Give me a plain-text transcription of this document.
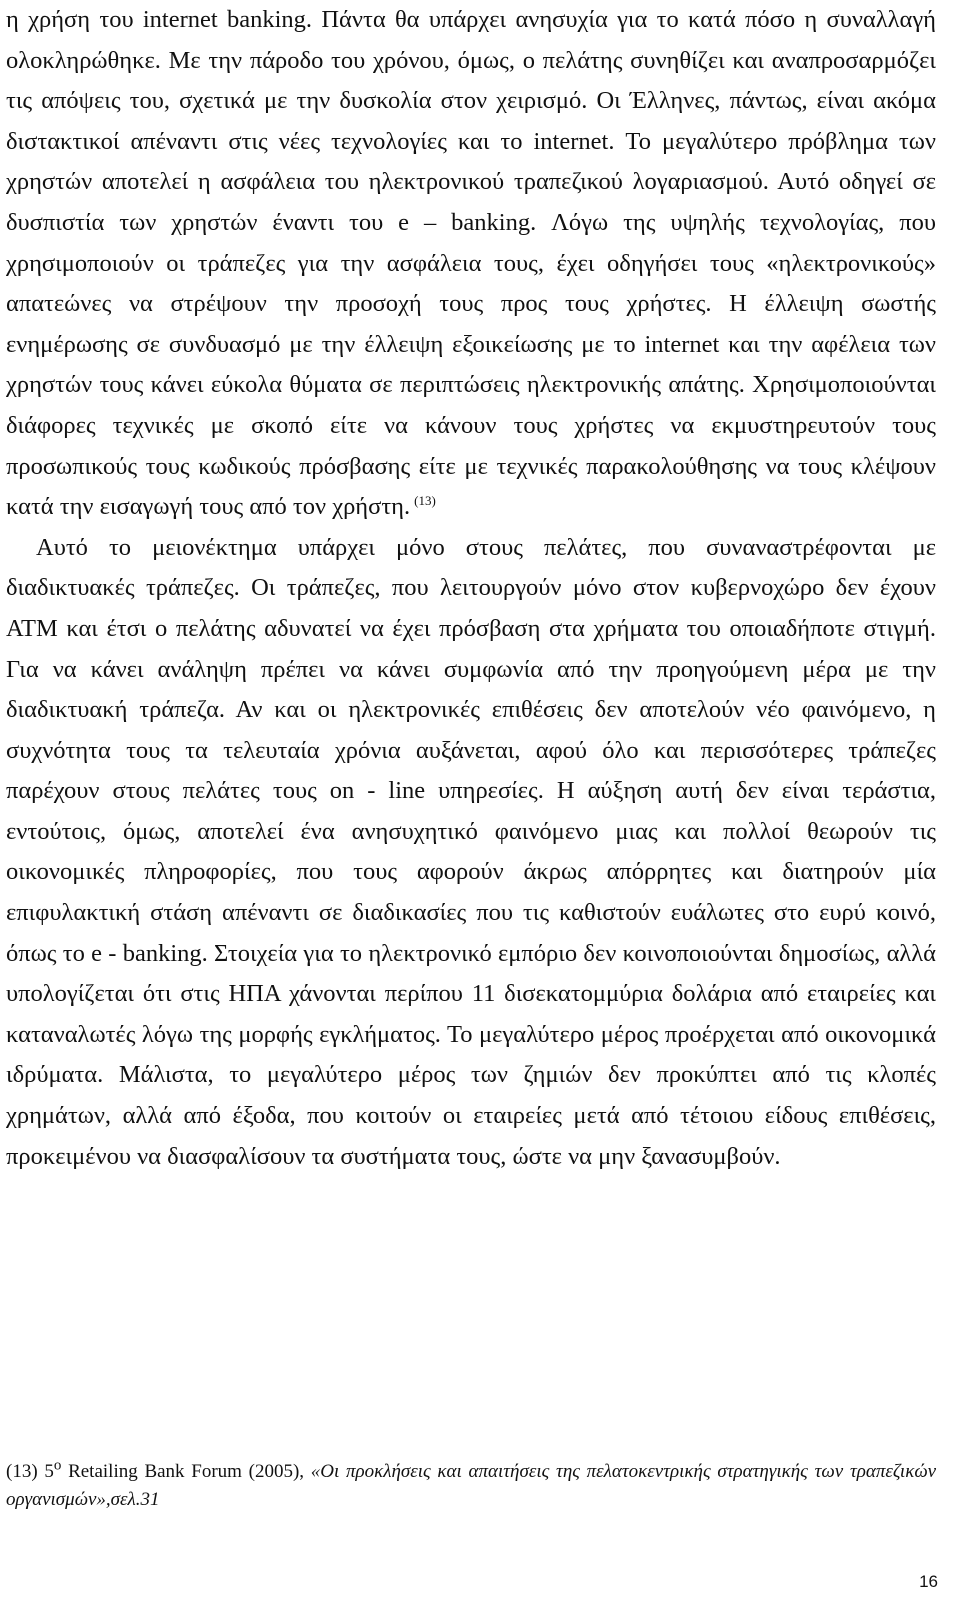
η χρήση του internet banking. Πάντα θα υπάρχει ανησυχία για το κατά πόσο η συναλλαγή ολοκληρώθηκε. Με την πάροδο του χρόνου, όμως, ο πελάτης συνηθίζει και αναπροσαρμόζει τις απόψεις του, σχετικά με την δυσκολία στον χειρισμό. Οι Έλληνες, πάντως, είναι ακόμα διστακτικοί απέναντι στις νέες τεχνολογίες και το internet. Το μεγαλύτερο πρόβλημα των χρηστών αποτελεί η ασφάλεια του ηλεκτρονικού τραπεζικού λογαριασμού. Αυτό οδηγεί σε δυσπιστία των χρηστών έναντι του e – banking. Λόγω της υψηλής τεχνολογίας, που χρησιμοποιούν οι τράπεζες για την ασφάλεια τους, έχει οδηγήσει τους «ηλεκτρονικούς» απατεώνες να στρέψουν την προσοχή τους προς τους χρήστες. Η έλλειψη σωστής ενημέρωσης σε συνδυασμό με την έλλειψη εξοικείωσης με το internet και την αφέλεια των χρηστών τους κάνει εύκολα θύματα σε περιπτώσεις ηλεκτρονικής απάτης. Χρησιμοποιούνται διάφορες τεχνικές με σκοπό είτε να κάνουν τους χρήστες να εκμυστηρευτούν τους προσωπικούς τους κωδικούς πρόσβασης είτε με τεχνικές παρακολούθησης να τους κλέψουν κατά την εισαγωγή τους από τον χρήστη. $^{(13)}$

Αυτό το μειονέκτημα υπάρχει μόνο στους πελάτες, που συναναστρέφονται με διαδικτυακές τράπεζες. Οι τράπεζες, που λειτουργούν μόνο στον κυβερνοχώρο δεν έχουν ATM και έτσι ο πελάτης αδυνατεί να έχει πρόσβαση στα χρήματα του οποιαδήποτε στιγμή. Για να κάνει ανάληψη πρέπει να κάνει συμφωνία από την προηγούμενη μέρα με την διαδικτυακή τράπεζα. Αν και οι ηλεκτρονικές επιθέσεις δεν αποτελούν νέο φαινόμενο, η συχνότητα τους τα τελευταία χρόνια αυξάνεται, αφού όλο και περισσότερες τράπεζες παρέχουν στους πελάτες τους on - line υπηρεσίες. Η αύξηση αυτή δεν είναι τεράστια, εντούτοις, όμως, αποτελεί ένα ανησυχητικό φαινόμενο μιας και πολλοί θεωρούν τις οικονομικές πληροφορίες, που τους αφορούν άκρως απόρρητες και διατηρούν μία επιφυλακτική στάση απέναντι σε διαδικασίες που τις καθιστούν ευάλωτες στο ευρύ κοινό, όπως το e - banking. Στοιχεία για το ηλεκτρονικό εμπόριο δεν κοινοποιούνται δημοσίως, αλλά υπολογίζεται ότι στις ΗΠΑ χάνονται περίπου 11 δισεκατομμύρια δολάρια από εταιρείες και καταναλωτές λόγω της μορφής εγκλήματος. Το μεγαλύτερο μέρος προέρχεται από οικονομικά ιδρύματα. Μάλιστα, το μεγαλύτερο μέρος των ζημιών δεν προκύπτει από τις κλοπές χρημάτων, αλλά από έξοδα, που κοιτούν οι εταιρείες μετά από τέτοιου είδους επιθέσεις, προκειμένου να διασφαλίσουν τα συστήματα τους, ώστε να μην ξανασυμβούν.

(13) 5$^o$ Retailing Bank Forum (2005), «Οι προκλήσεις και απαιτήσεις της πελατοκεντρικής στρατηγικής των τραπεζικών οργανισμών»,σελ.31
16
